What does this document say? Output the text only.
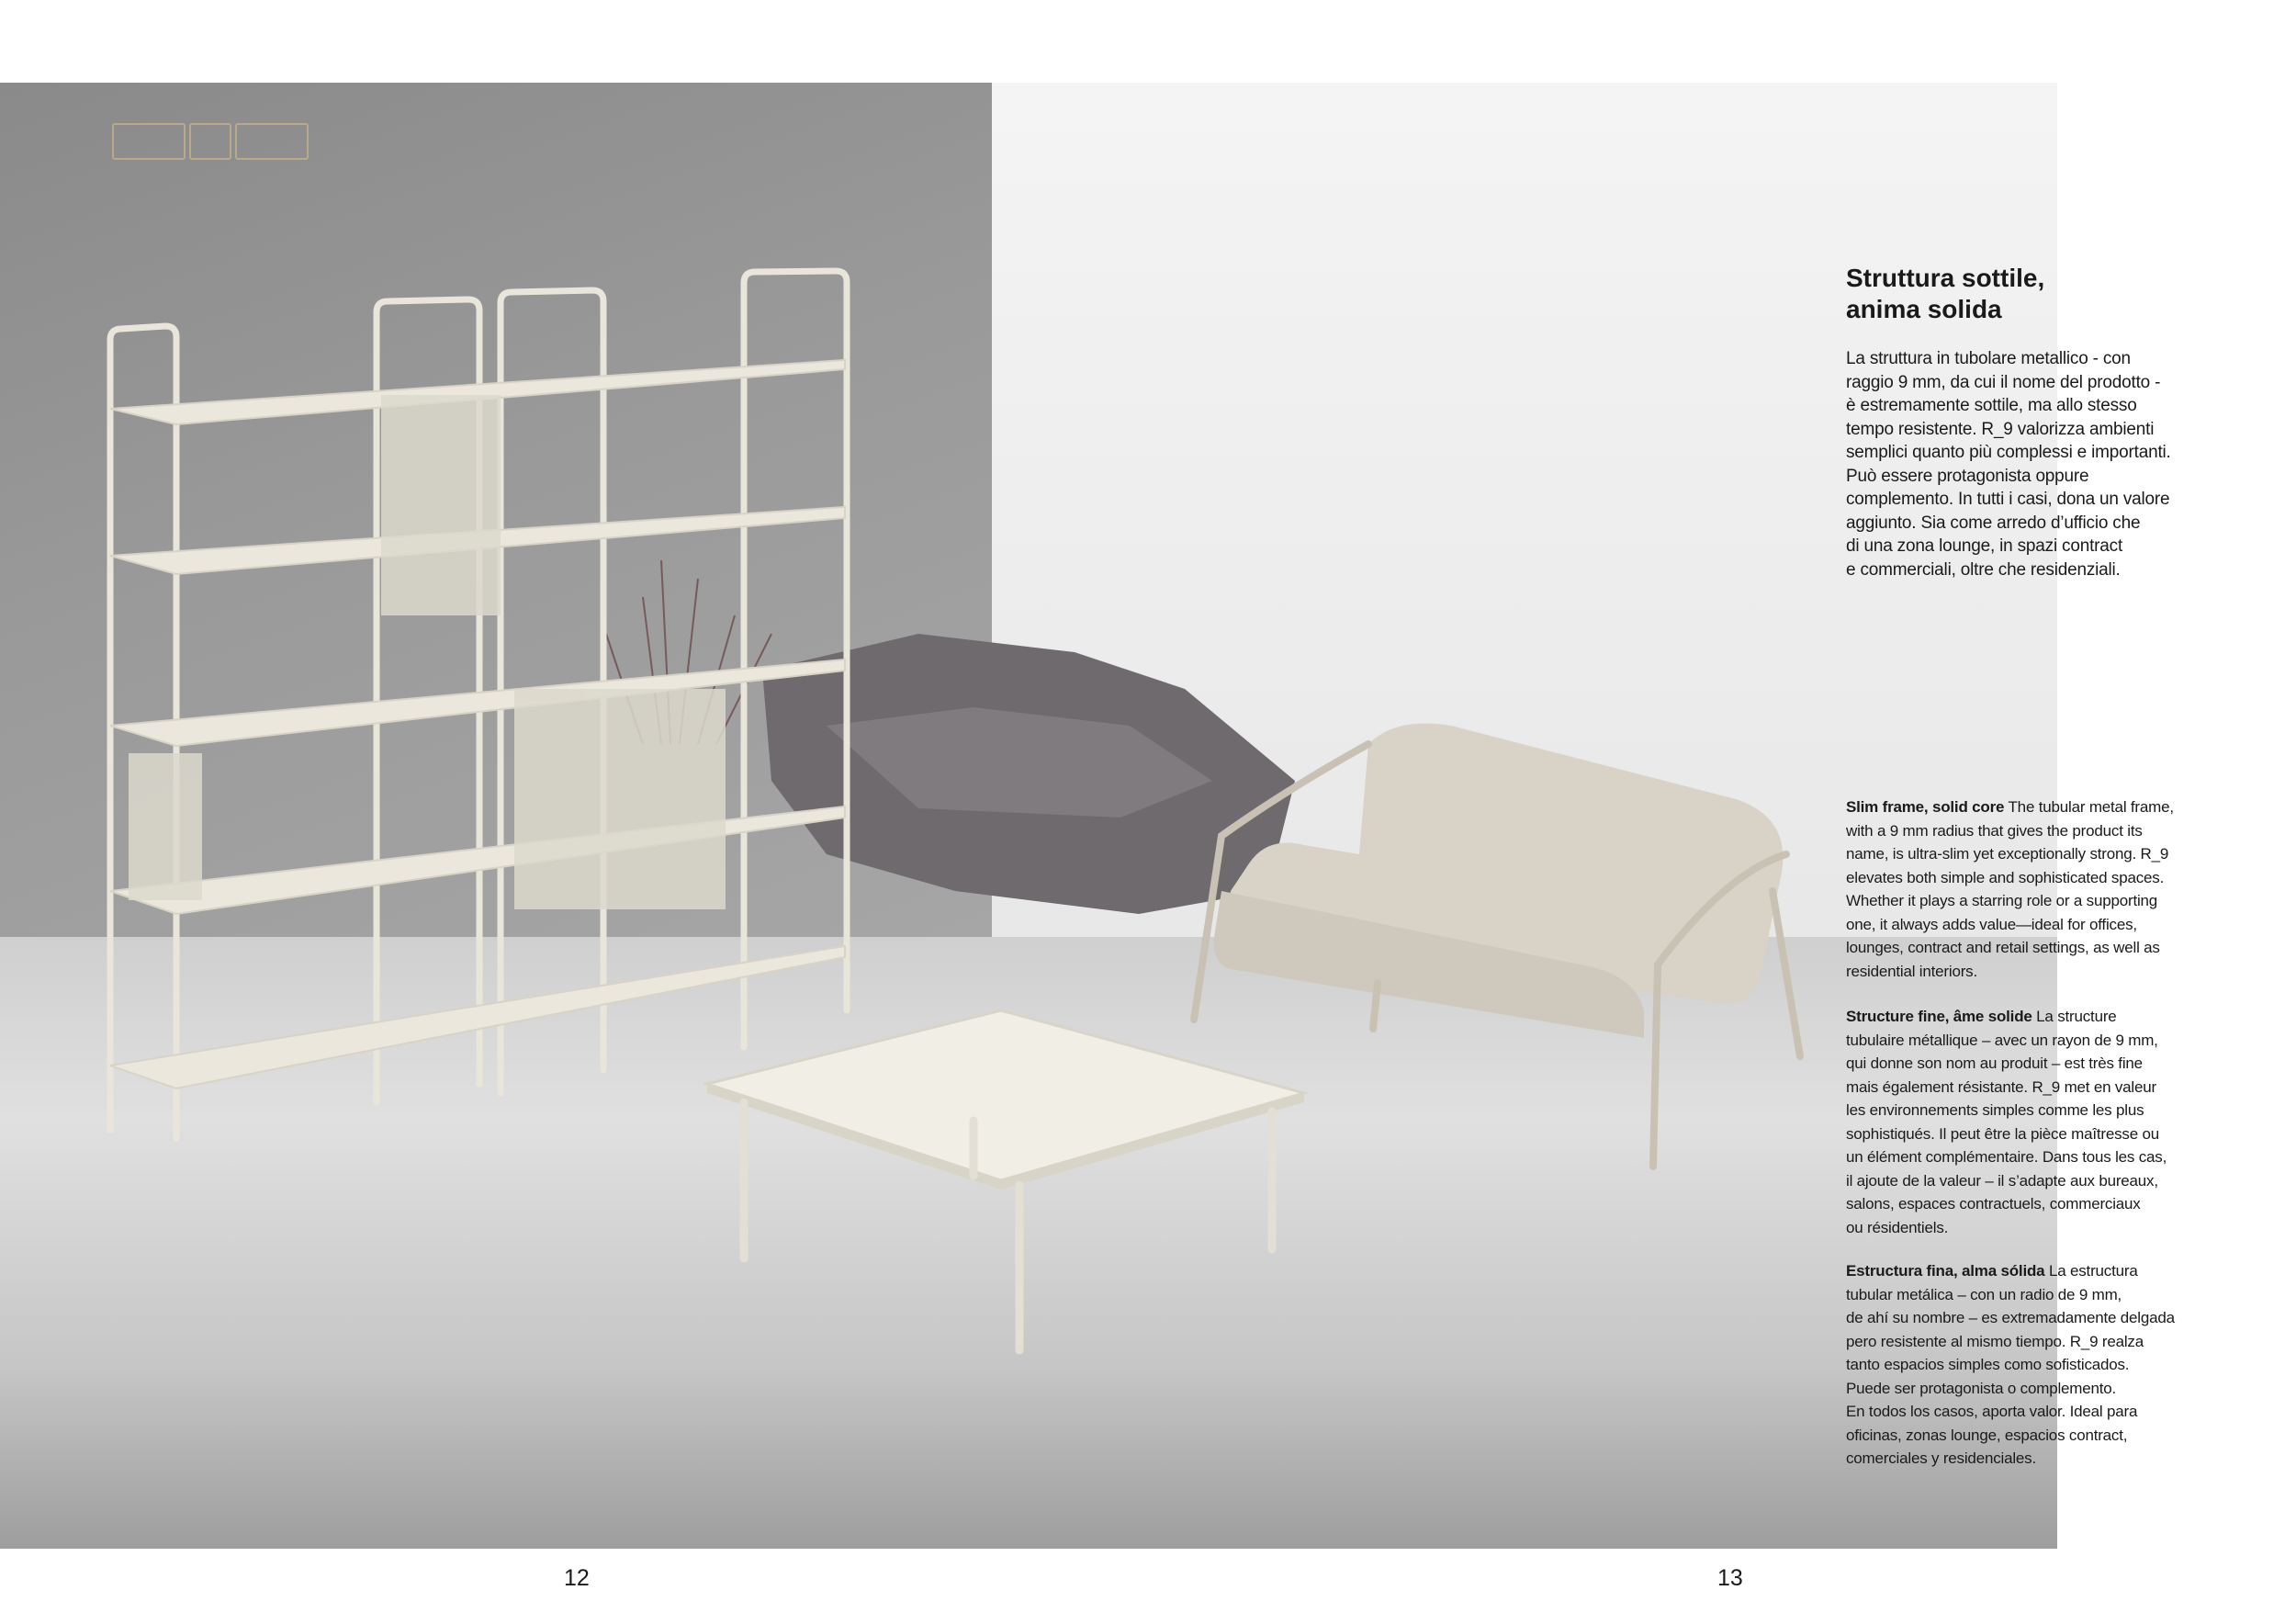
Struttura sottile,
anima solida

La struttura in tubolare metallico - con
raggio 9 mm, da cui il nome del prodotto -
è estremamente sottile, ma allo stesso
tempo resistente. R_9 valorizza ambienti
semplici quanto più complessi e importanti.
Può essere protagonista oppure
complemento. In tutti i casi, dona un valore
aggiunto. Sia come arredo d’ufficio che
di una zona lounge, in spazi contract
e commerciali, oltre che residenziali.

Slim frame, solid core The tubular metal frame,
with a 9 mm radius that gives the product its
name, is ultra-slim yet exceptionally strong. R_9
elevates both simple and sophisticated spaces.
Whether it plays a starring role or a supporting
one, it always adds value—ideal for offices,
lounges, contract and retail settings, as well as
residential interiors.

Structure fine, âme solide La structure
tubulaire métallique – avec un rayon de 9 mm,
qui donne son nom au produit – est très fine
mais également résistante. R_9 met en valeur
les environnements simples comme les plus
sophistiqués. Il peut être la pièce maîtresse ou
un élément complémentaire. Dans tous les cas,
il ajoute de la valeur – il s’adapte aux bureaux,
salons, espaces contractuels, commerciaux
ou résidentiels.

Estructura fina, alma sólida La estructura
tubular metálica – con un radio de 9 mm,
de ahí su nombre – es extremadamente delgada
pero resistente al mismo tiempo. R_9 realza
tanto espacios simples como sofisticados.
Puede ser protagonista o complemento.
En todos los casos, aporta valor. Ideal para
oficinas, zonas lounge, espacios contract,
comerciales y residenciales.

12	13
